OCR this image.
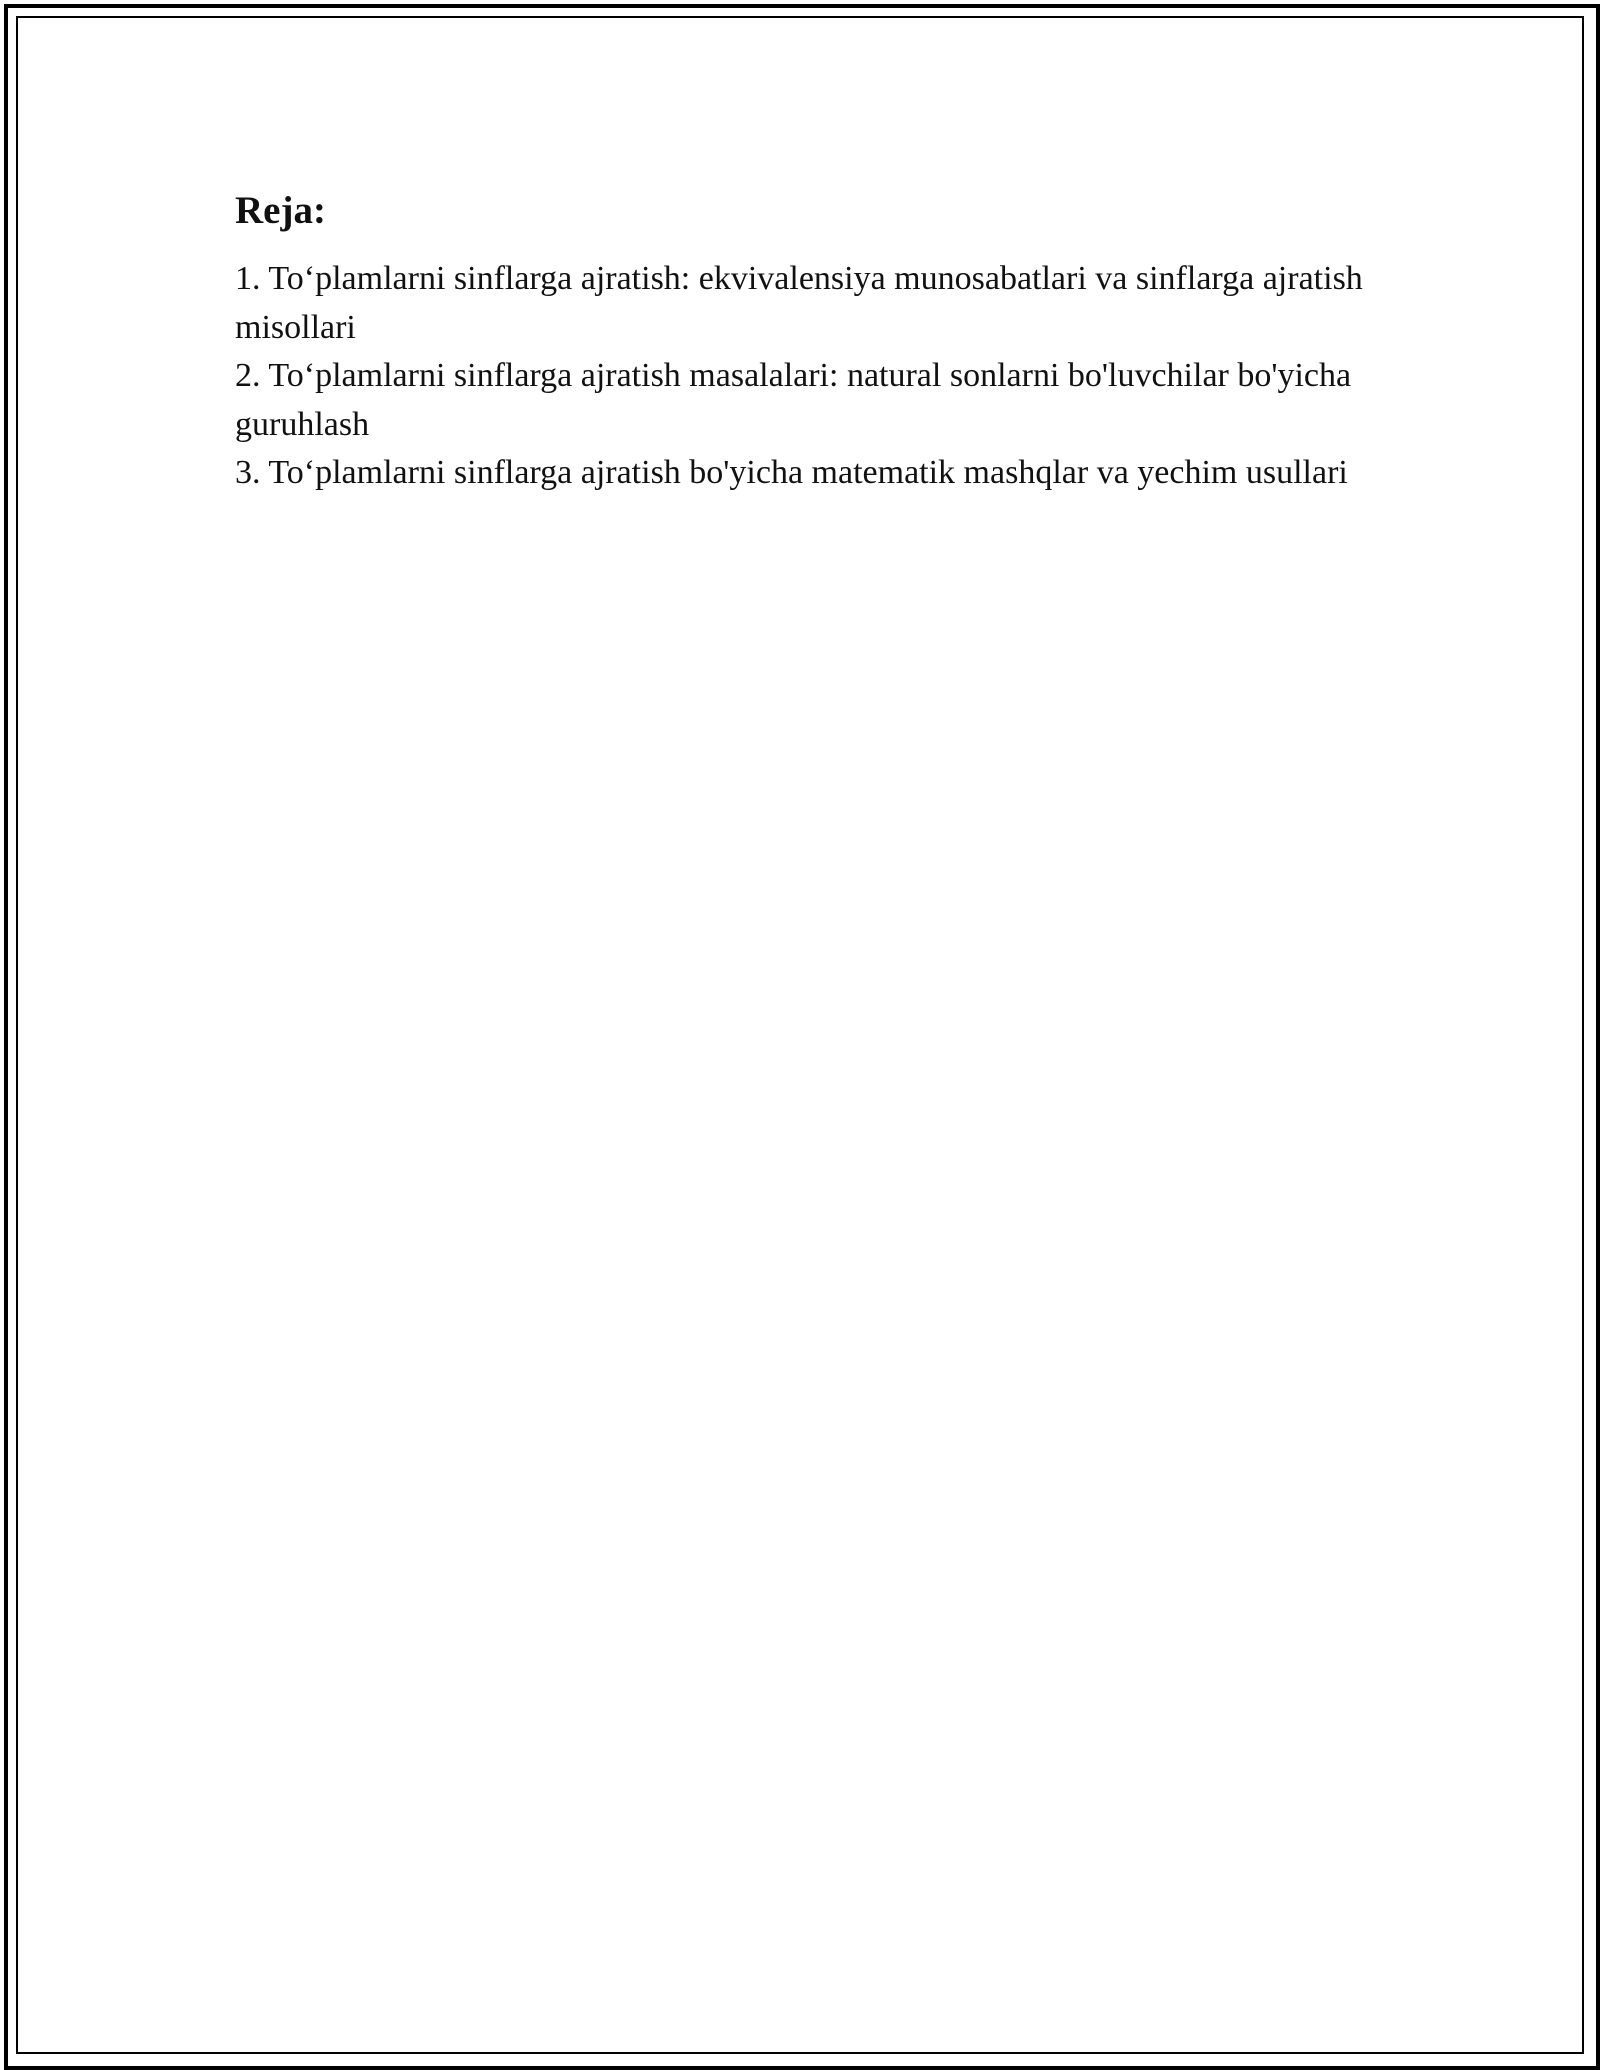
Reja:
1. To‘plamlarni sinflarga ajratish: ekvivalensiya munosabatlari va sinflarga ajratish misollari
2. To‘plamlarni sinflarga ajratish masalalari: natural sonlarni bo'luvchilar bo'yicha guruhlash
3. To‘plamlarni sinflarga ajratish bo'yicha matematik mashqlar va yechim usullari
